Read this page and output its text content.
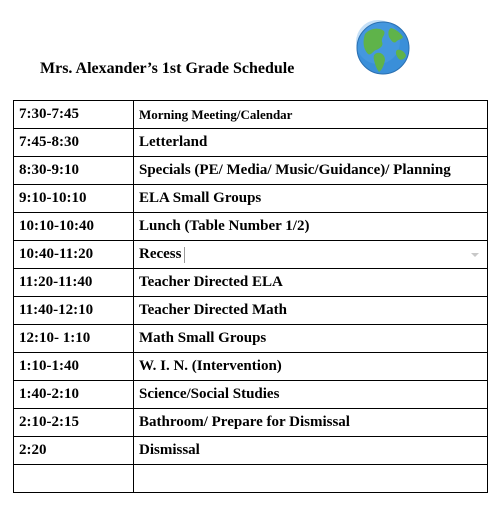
Mrs. Alexander’s 1st Grade Schedule
7:30-7:45	Morning Meeting/Calendar
7:45-8:30	Letterland
8:30-9:10	Specials (PE/ Media/ Music/Guidance)/ Planning
9:10-10:10	ELA Small Groups
10:10-10:40	Lunch (Table Number 1/2)
10:40-11:20	Recess
11:20-11:40	Teacher Directed ELA
11:40-12:10	Teacher Directed Math
12:10- 1:10	Math Small Groups
1:10-1:40	W. I. N. (Intervention)
1:40-2:10	Science/Social Studies
2:10-2:15	Bathroom/ Prepare for Dismissal
2:20	Dismissal
